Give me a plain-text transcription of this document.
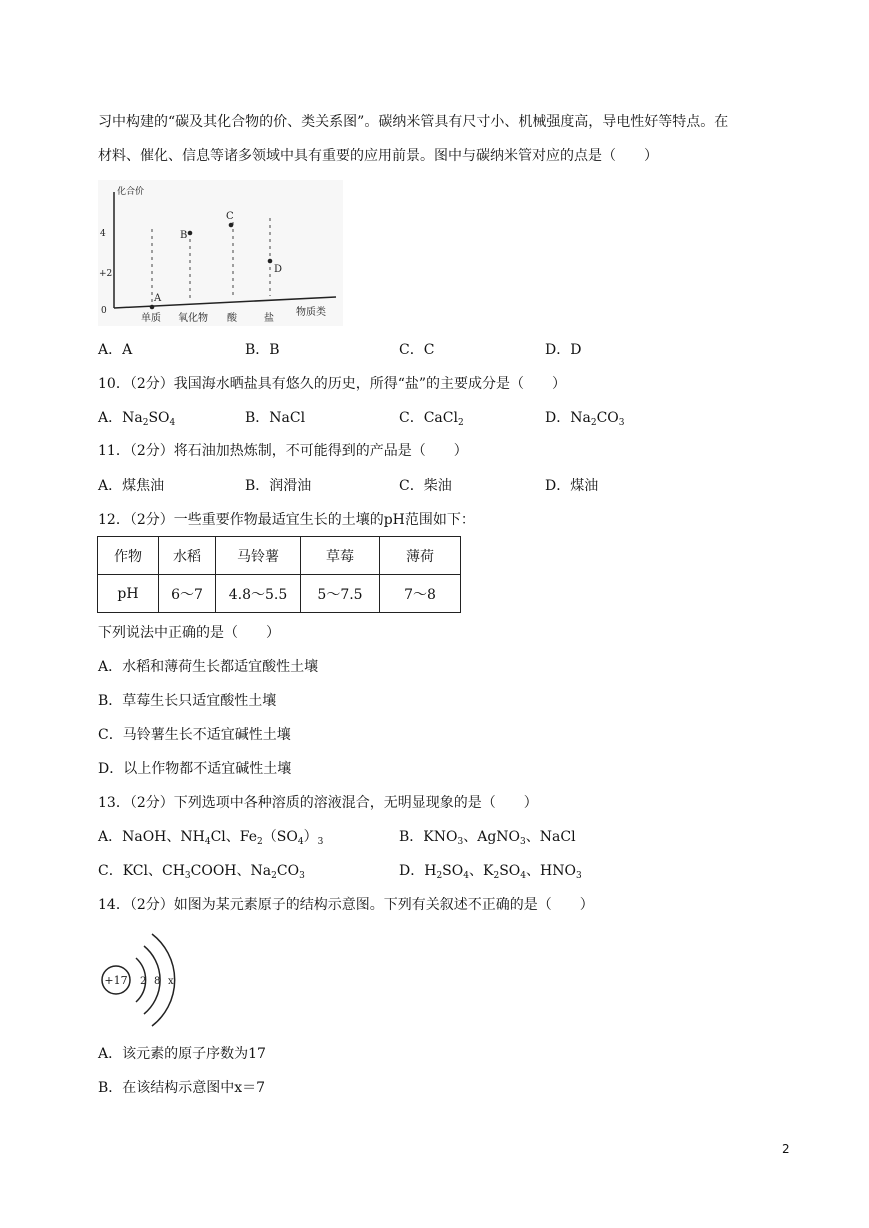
习中构建的“碳及其化合物的价、类关系图”。碳纳米管具有尺寸小、机械强度高，导电性好等特点。在
材料、催化、信息等诸多领域中具有重要的应用前景。图中与碳纳米管对应的点是（　　）
化合价
4
+2
0
A
B
C
D
单质 氧化物 酸	盐
物质类
A．A	B．B	C．C	D．D
10．（2分）我国海水晒盐具有悠久的历史，所得“盐”的主要成分是（　　）
A．$Na_2SO_4$	B．NaCl	C．CaCl$_2$	D．$Na_2CO_3$
11．（2分）将石油加热炼制，不可能得到的产品是（　　）
A．煤焦油	B．润滑油	C．柴油	D．煤油
12．（2分）一些重要作物最适宜生长的土壤的pH范围如下：
作物	水稻	马铃薯	草莓	薄荷
pH	6～7	4.8～5.5	5～7.5	7～8
下列说法中正确的是（　　）
A．水稻和薄荷生长都适宜酸性土壤
B．草莓生长只适宜酸性土壤
C．马铃薯生长不适宜碱性土壤
D．以上作物都不适宜碱性土壤
13．（2分）下列选项中各种溶质的溶液混合，无明显现象的是（　　）
A．NaOH、$NH_4Cl$、$Fe_2(SO_4)_3$	B．$KNO_3$、AgNO$_3$、NaCl
C．KCl、$CH_3COOH$、$Na_2CO_3$	D．$H_2SO_4$、$K_2SO_4$、$HNO_3$
14．（2分）如图为某元素原子的结构示意图。下列有关叙述不正确的是（　　）
+17 2 8 x
A．该元素的原子序数为17
B．在该结构示意图中x＝7
2
